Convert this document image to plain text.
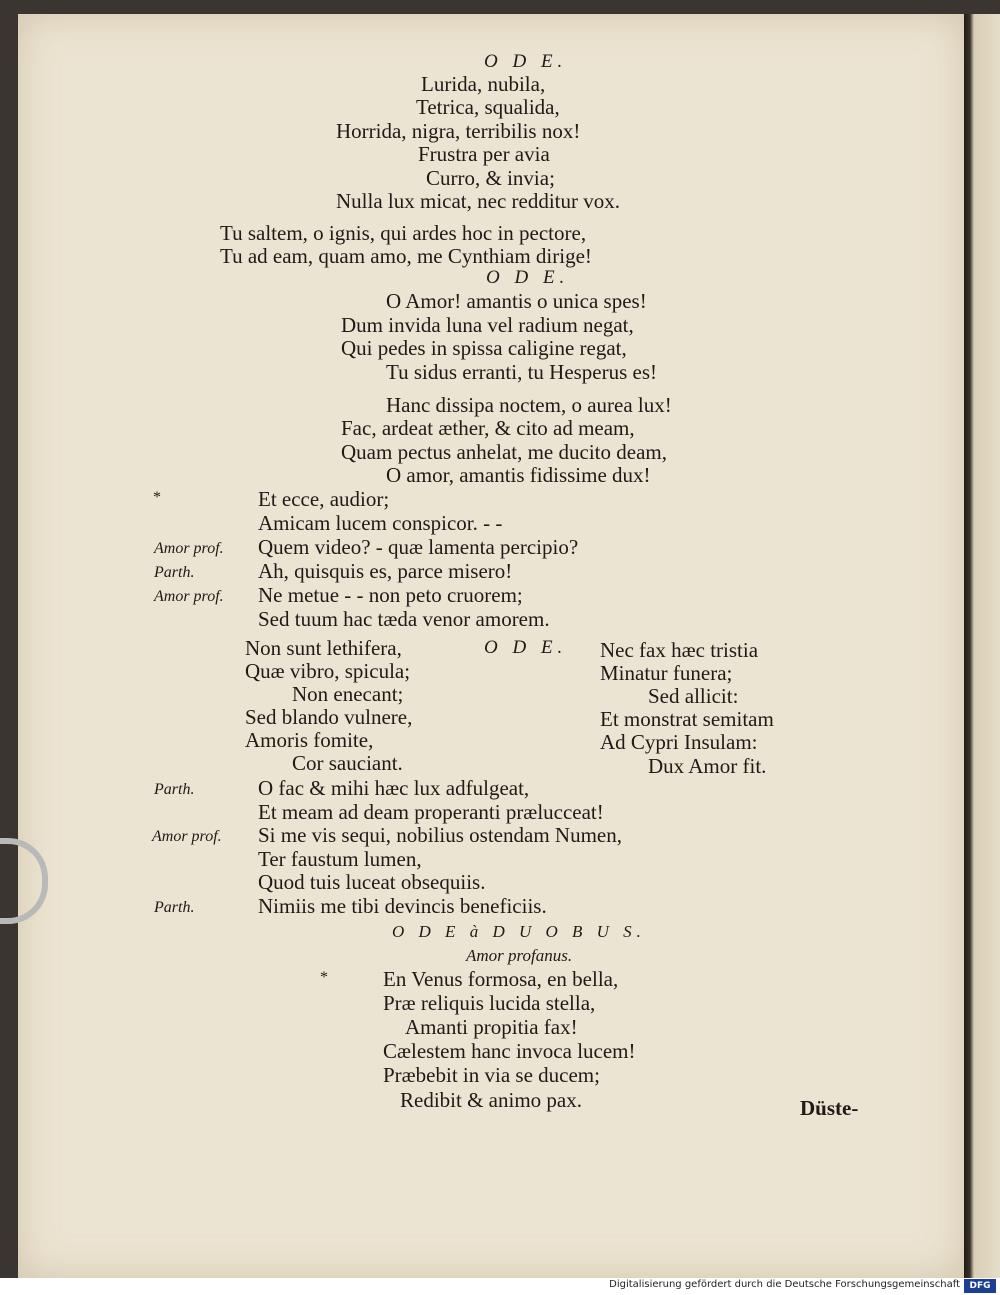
O D E.
Lurida, nubila,
Tetrica, squalida,
Horrida, nigra, terribilis nox!
Frustra per avia
Curro, & invia;
Nulla lux micat, nec redditur vox.
Tu saltem, o ignis, qui ardes hoc in pectore,
Tu ad eam, quam amo, me Cynthiam dirige!
O D E.
O Amor! amantis o unica spes!
Dum invida luna vel radium negat,
Qui pedes in spissa caligine regat,
Tu sidus erranti, tu Hesperus es!
Hanc dissipa noctem, o aurea lux!
Fac, ardeat æther, & cito ad meam,
Quam pectus anhelat, me ducito deam,
O amor, amantis fidissime dux!
*	Et ecce, audior;
Amicam lucem conspicor. - -
Amor prof. Quem video? - quæ lamenta percipio?
Parth.	Ah, quisquis es, parce misero!
Amor prof. Ne metue - - non peto cruorem;
Sed tuum hac tæda venor amorem.
O D E.
Non sunt lethifera,
Quæ vibro, spicula;
Non enecant;
Sed blando vulnere,
Amoris fomite,
Cor sauciant.
Nec fax hæc tristia
Minatur funera;
Sed allicit:
Et monstrat semitam
Ad Cypri Insulam:
Dux Amor fit.
Parth.	O fac & mihi hæc lux adfulgeat,
Et meam ad deam properanti prælucceat!
Amor prof. Si me vis sequi, nobilius ostendam Numen,
Ter faustum lumen,
Quod tuis luceat obsequiis.
Parth.	Nimiis me tibi devincis beneficiis.
O D E à D U O B U S.
Amor profanus.
*	En Venus formosa, en bella,
Præ reliquis lucida stella,
Amanti propitia fax!
Cælestem hanc invoca lucem!
Præbebit in via se ducem;
Redibit & animo pax.	Düste-
Digitalisierung gefördert durch die Deutsche Forschungsgemeinschaft	DFG
